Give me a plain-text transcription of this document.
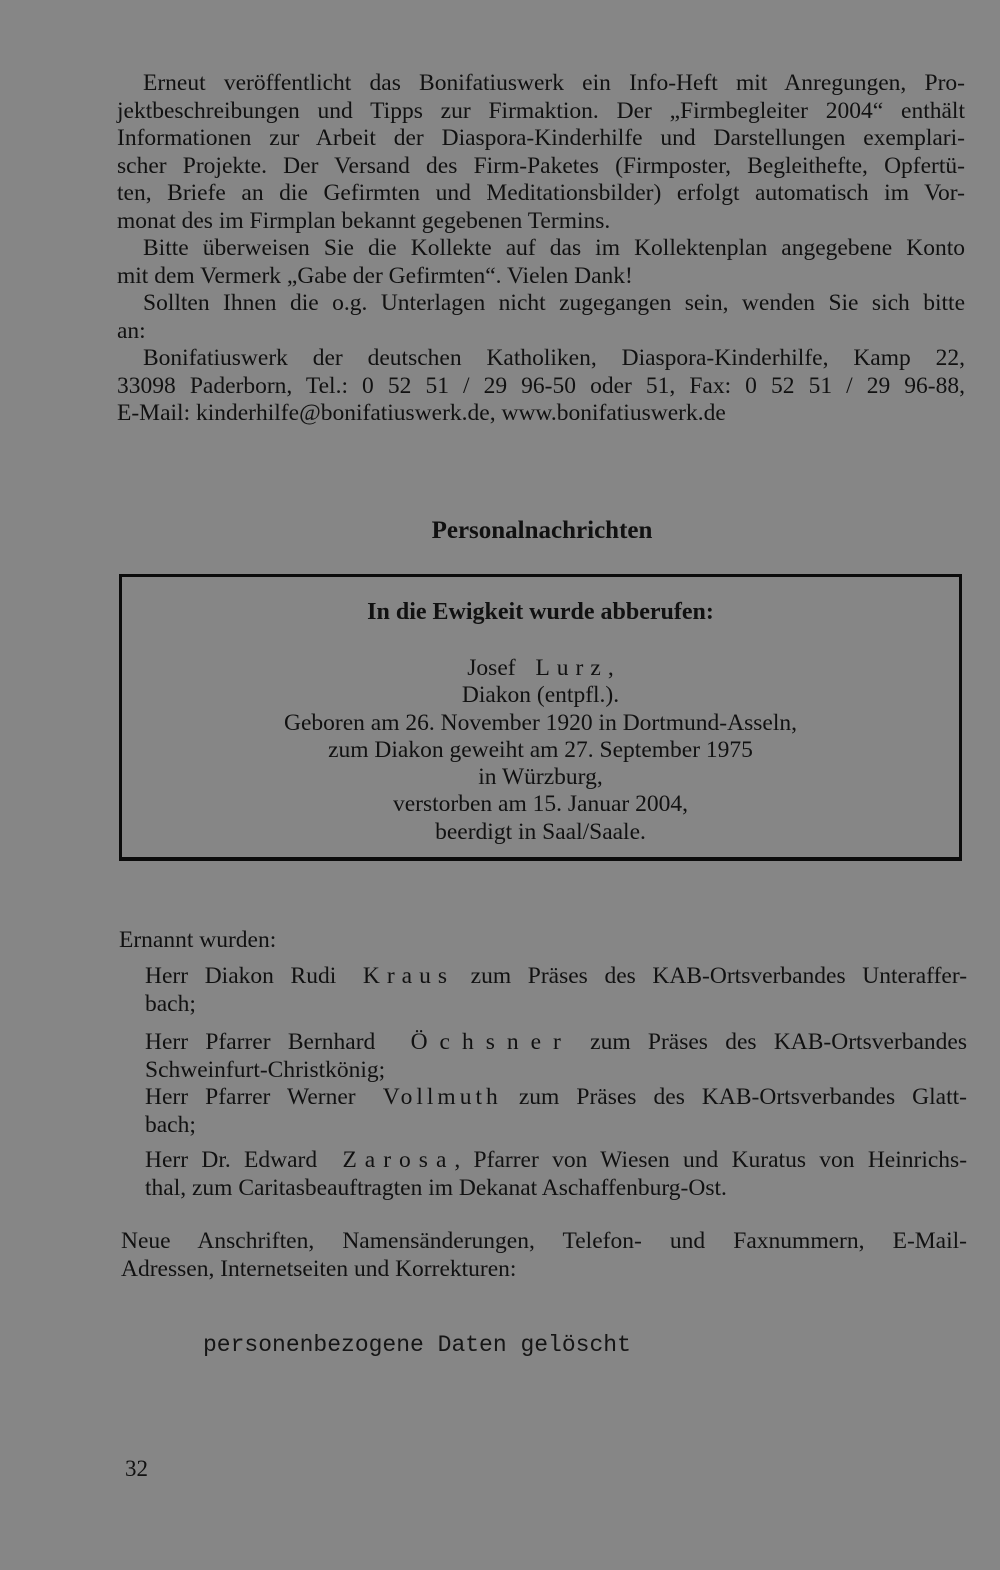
Erneut veröffentlicht das Bonifatiuswerk ein Info-Heft mit Anregungen, Pro-
jektbeschreibungen und Tipps zur Firmaktion. Der „Firmbegleiter 2004“ enthält
Informationen zur Arbeit der Diaspora-Kinderhilfe und Darstellungen exemplari-
scher Projekte. Der Versand des Firm-Paketes (Firmposter, Begleithefte, Opfertü-
ten, Briefe an die Gefirmten und Meditationsbilder) erfolgt automatisch im Vor-
monat des im Firmplan bekannt gegebenen Termins.
Bitte überweisen Sie die Kollekte auf das im Kollektenplan angegebene Konto
mit dem Vermerk „Gabe der Gefirmten“. Vielen Dank!
Sollten Ihnen die o.g. Unterlagen nicht zugegangen sein, wenden Sie sich bitte
an:
Bonifatiuswerk der deutschen Katholiken, Diaspora-Kinderhilfe, Kamp 22,
33098 Paderborn, Tel.: 0 52 51 / 29 96-50 oder 51, Fax: 0 52 51 / 29 96-88,
E-Mail: kinderhilfe@bonifatiuswerk.de, www.bonifatiuswerk.de
Personalnachrichten
In die Ewigkeit wurde abberufen:
Josef Lurz,
Diakon (entpfl.).
Geboren am 26. November 1920 in Dortmund-Asseln,
zum Diakon geweiht am 27. September 1975
in Würzburg,
verstorben am 15. Januar 2004,
beerdigt in Saal/Saale.
Ernannt wurden:
Herr Diakon Rudi Kraus zum Präses des KAB-Ortsverbandes Unteraffer-
bach;
Herr Pfarrer Bernhard Öchsner zum Präses des KAB-Ortsverbandes
Schweinfurt-Christkönig;
Herr Pfarrer Werner Vollmuth zum Präses des KAB-Ortsverbandes Glatt-
bach;
Herr Dr. Edward Zarosa, Pfarrer von Wiesen und Kuratus von Heinrichs-
thal, zum Caritasbeauftragten im Dekanat Aschaffenburg-Ost.
Neue Anschriften, Namensänderungen, Telefon- und Faxnummern, E-Mail-
Adressen, Internetseiten und Korrekturen:
personenbezogene Daten gelöscht
32
